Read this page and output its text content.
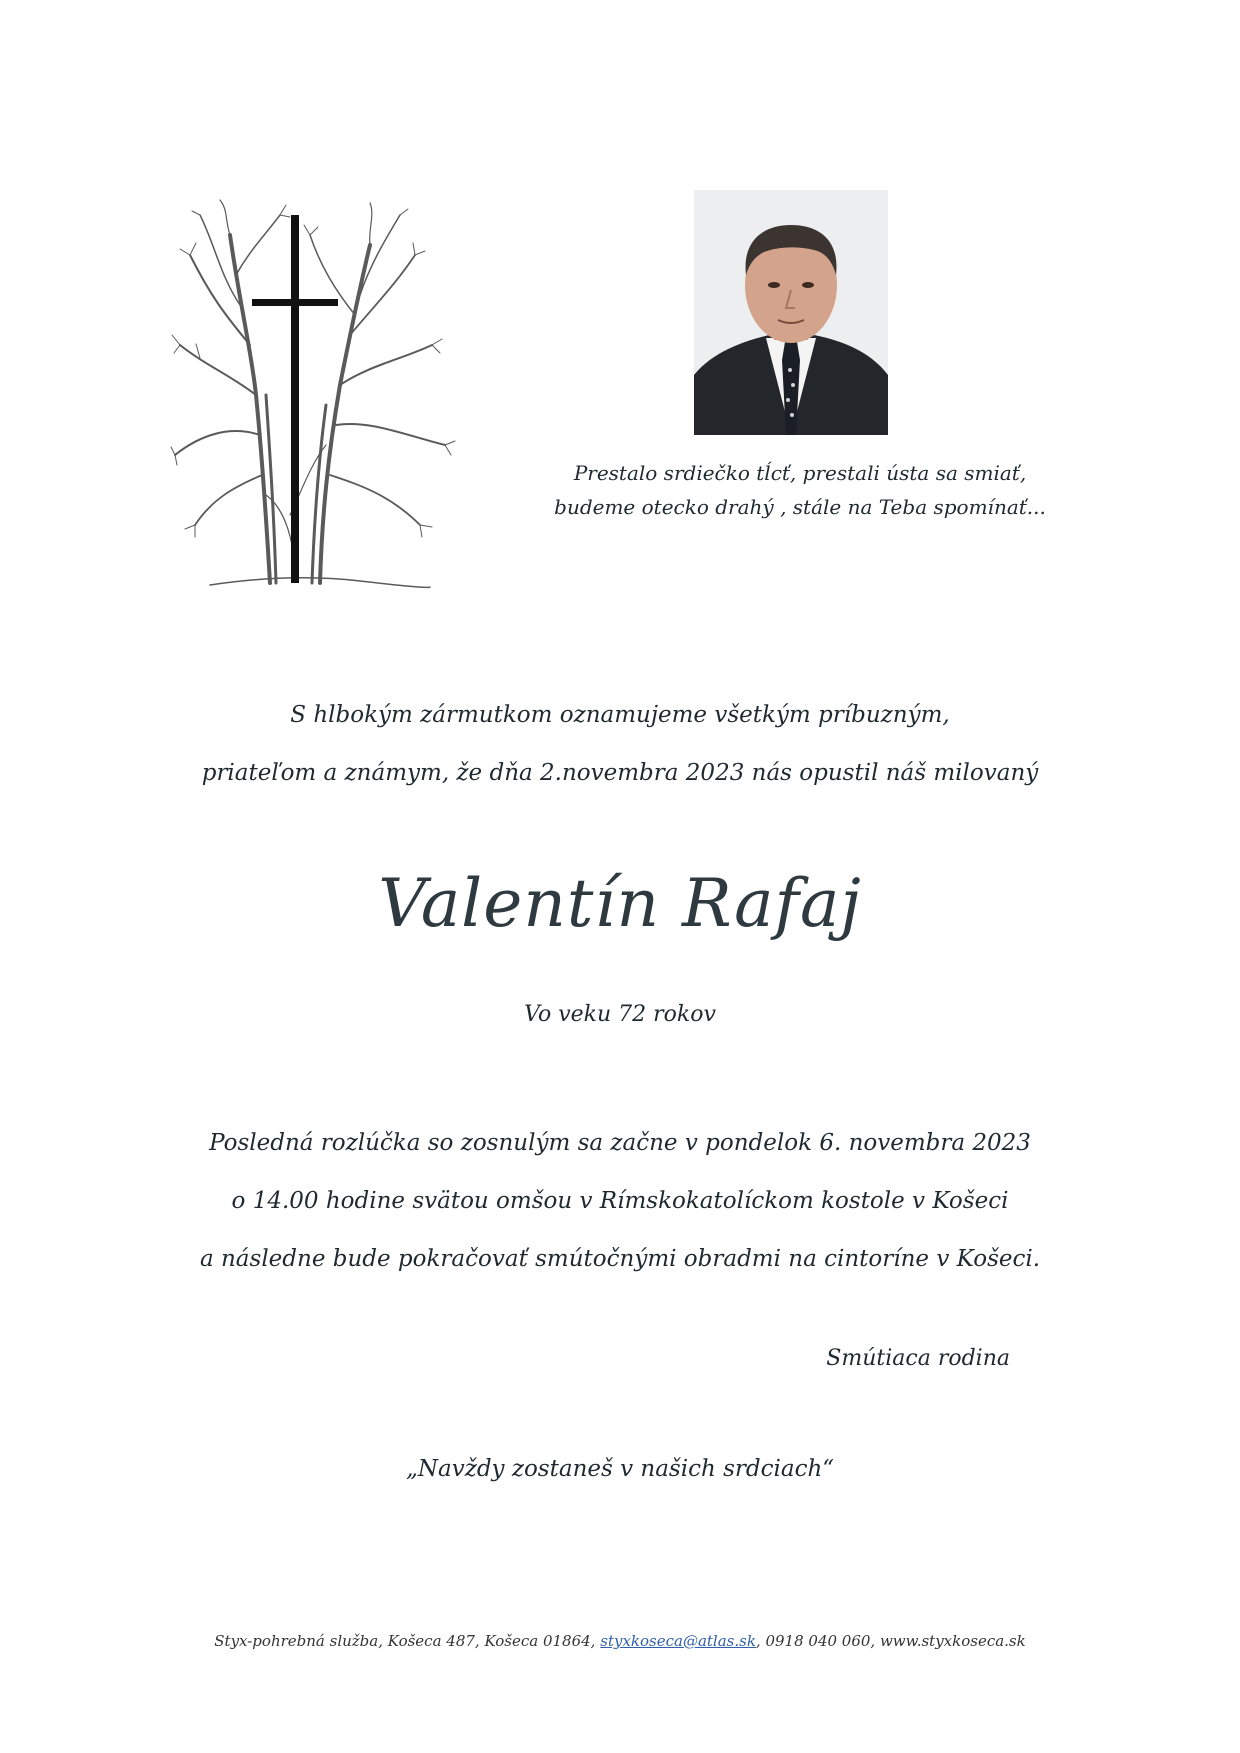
Prestalo srdiečko tĺcť, prestali ústa sa smiať,
budeme otecko drahý , stále na Teba spomínať...
S hlbokým zármutkom oznamujeme všetkým príbuzným,
priateľom a známym, že dňa 2.novembra 2023 nás opustil náš milovaný
Valentín Rafaj
Vo veku 72 rokov
Posledná rozlúčka so zosnulým sa začne v pondelok 6. novembra 2023
o 14.00 hodine svätou omšou v Rímskokatolíckom kostole v Košeci
a následne bude pokračovať smútočnými obradmi na cintoríne v Košeci.
Smútiaca rodina
„Navždy zostaneš v našich srdciach“
Styx-pohrebná služba, Košeca 487, Košeca 01864, styxkoseca@atlas.sk, 0918 040 060, www.styxkoseca.sk
